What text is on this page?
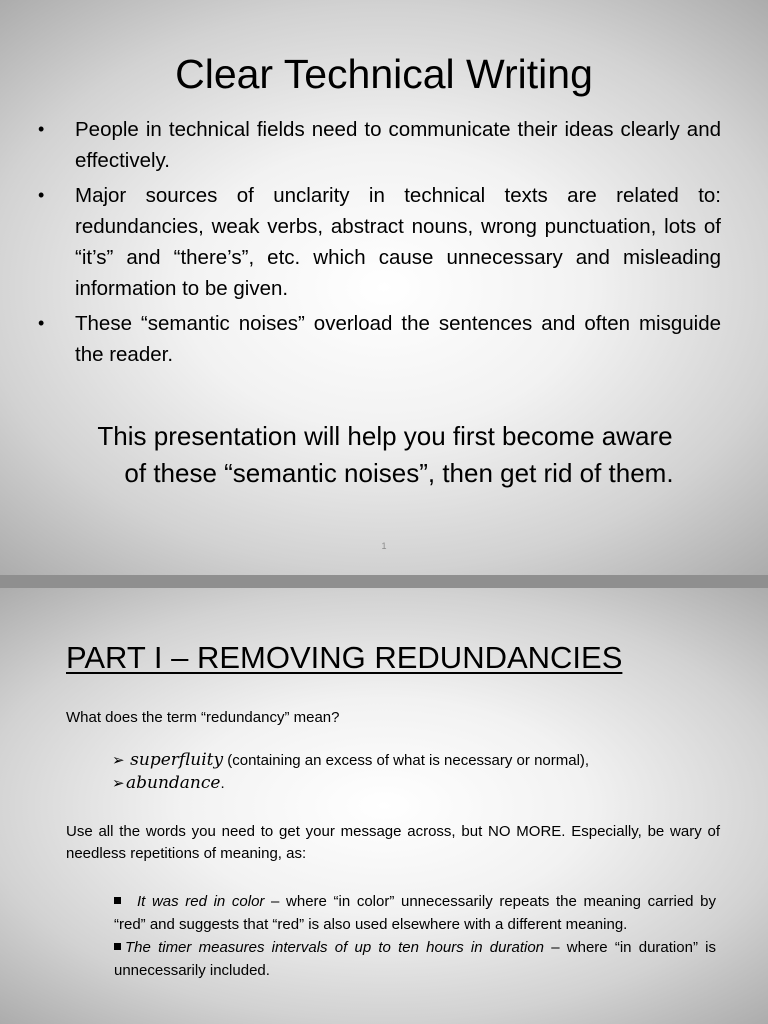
Clear Technical Writing
•	People in technical fields need to communicate their ideas clearly and effectively.
•	Major sources of unclarity in technical texts are related to: redundancies, weak verbs, abstract nouns, wrong punctuation, lots of “it’s” and “there’s”, etc. which cause unnecessary and misleading information to be given.
•	These “semantic noises” overload the sentences and often misguide the reader.

This presentation will help you first become aware
of these “semantic noises”, then get rid of them.

1
PART I – REMOVING REDUNDANCIES

What does the term “redundancy” mean?

➢ superfluity (containing an excess of what is necessary or normal),
➢abundance.

Use all the words you need to get your message across, but NO MORE. Especially, be wary of needless repetitions of meaning, as:

It was red in color – where “in color” unnecessarily repeats the meaning carried by “red” and suggests that “red” is also used elsewhere with a different meaning.
The timer measures intervals of up to ten hours in duration – where “in duration” is unnecessarily included.
